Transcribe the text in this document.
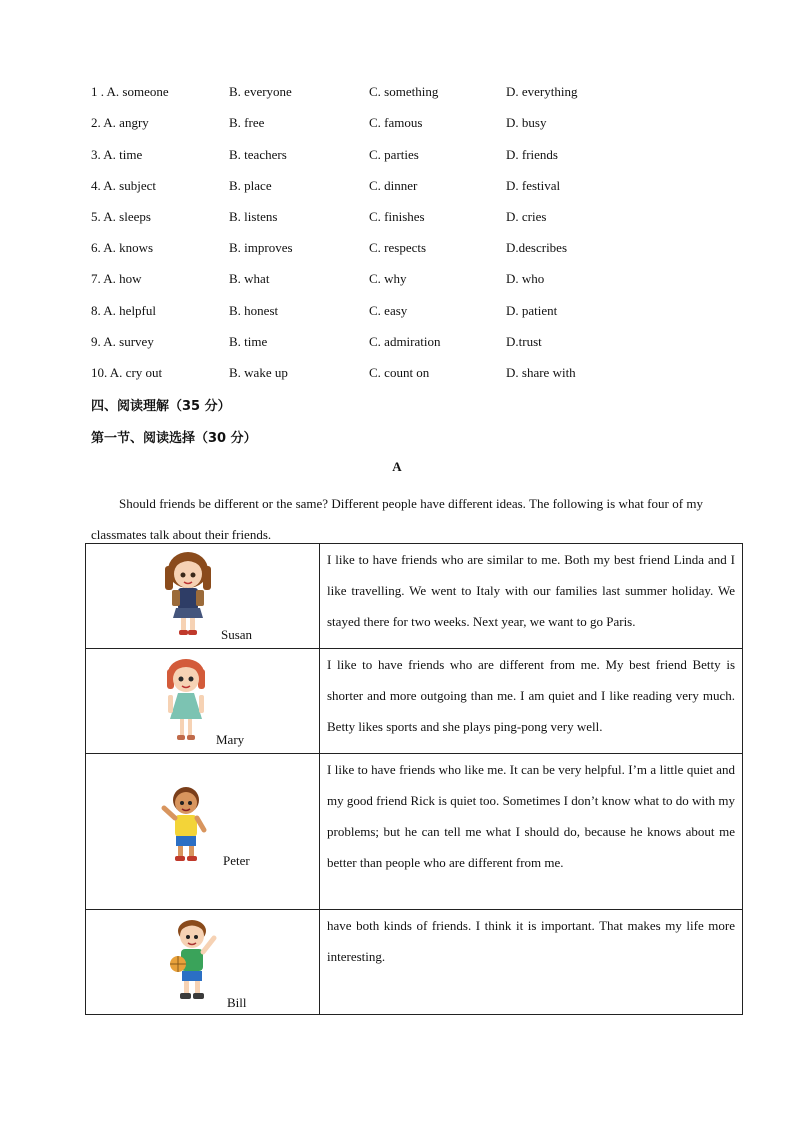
1 . A. someone	B. everyone	C. something	D. everything
2. A. angry	B. free	C. famous	D. busy
3. A. time	B. teachers	C. parties	D. friends
4. A. subject	B. place	C. dinner	D. festival
5. A. sleeps	B. listens	C. finishes	D. cries
6. A. knows	B. improves	C. respects	D.describes
7. A. how	B. what	C. why	D. who
8. A. helpful	B. honest	C. easy	D. patient
9. A. survey	B. time	C. admiration	D.trust
10. A. cry out	B. wake up	C. count on	D. share with
四、阅读理解（35 分）
第一节、阅读选择（30 分）
A
Should friends be different or the same? Different people have different ideas. The following is what four of my classmates talk about their friends.
Susan	I like to have friends who are similar to me. Both my best friend Linda and I like travelling. We went to Italy with our families last summer holiday. We stayed there for two weeks. Next year, we want to go Paris.

Mary	I like to have friends who are different from me. My best friend Betty is shorter and more outgoing than me. I am quiet and I like reading very much. Betty likes sports and she plays ping-pong very well.

Peter	I like to have friends who like me. It can be very helpful. I’m a little quiet and my good friend Rick is quiet too. Sometimes I don’t know what to do with my problems; but he can tell me what I should do, because he knows about me better than people who are different from me.

Bill	have both kinds of friends. I think it is important. That makes my life more interesting.
